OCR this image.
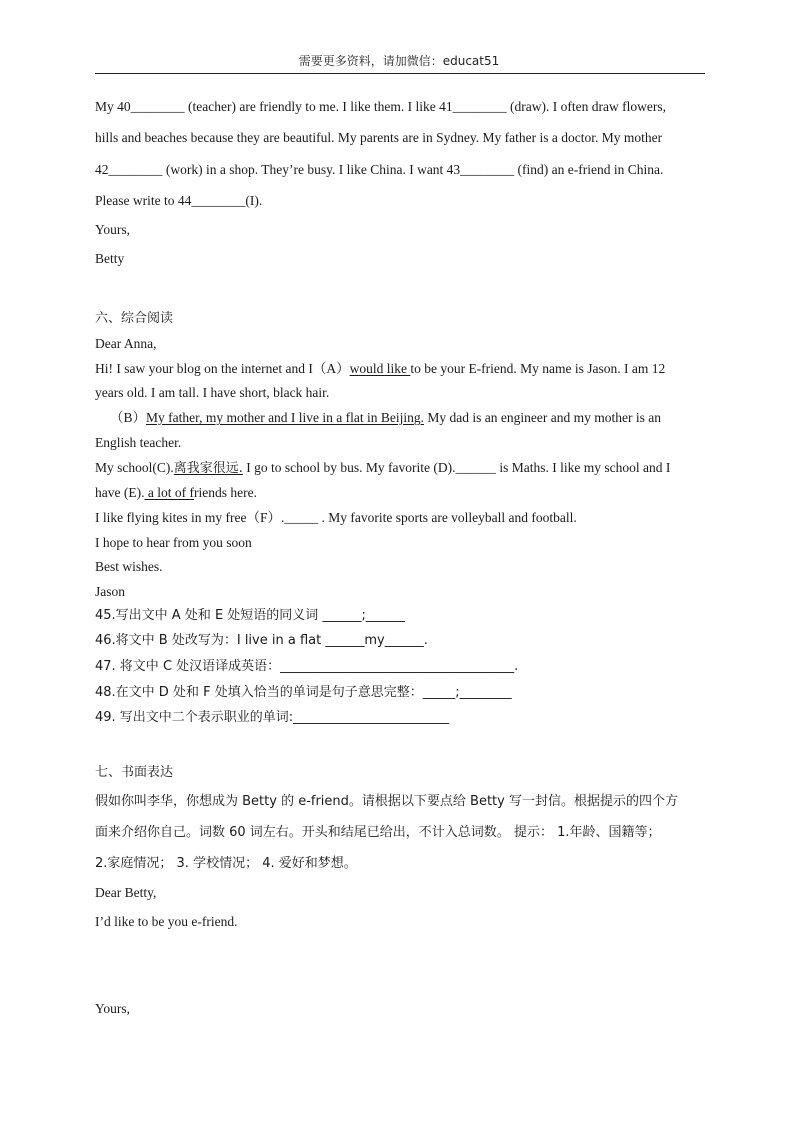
需要更多资料，请加微信：educat51
My 40________ (teacher) are friendly to me. I like them. I like 41________ (draw). I often draw flowers,
hills and beaches because they are beautiful. My parents are in Sydney. My father is a doctor. My mother
42________ (work) in a shop. They’re busy. I like China. I want 43________ (find) an e-friend in China.
Please write to 44________(I).
Yours,
Betty
六、综合阅读
Dear Anna,
Hi! I saw your blog on the internet and I（A）would like to be your E-friend. My name is Jason. I am 12
years old. I am tall. I have short, black hair.
（B）My father, my mother and I live in a flat in Beijing. My dad is an engineer and my mother is an
English teacher.
My school(C).离我家很远. I go to school by bus. My favorite (D).______ is Maths. I like my school and I
have (E). a lot of friends here.
I like flying kites in my free（F）._____ . My favorite sports are volleyball and football.
I hope to hear from you soon
Best wishes.
Jason
45.写出文中 A 处和 E 处短语的同义词 ______;______
46.将文中 B 处改写为：I live in a flat ______my______.
47. 将文中 C 处汉语译成英语：____________________________________.
48.在文中 D 处和 F 处填入恰当的单词是句子意思完整：_____;________
49. 写出文中二个表示职业的单词:________________________
七、书面表达
假如你叫李华，你想成为 Betty 的 e-friend。请根据以下要点给 Betty 写一封信。根据提示的四个方
面来介绍你自己。词数 60 词左右。开头和结尾已给出，不计入总词数。 提示： 1.年龄、国籍等；
2.家庭情况； 3. 学校情况； 4. 爱好和梦想。
Dear Betty,
I’d like to be you e-friend.
Yours,
